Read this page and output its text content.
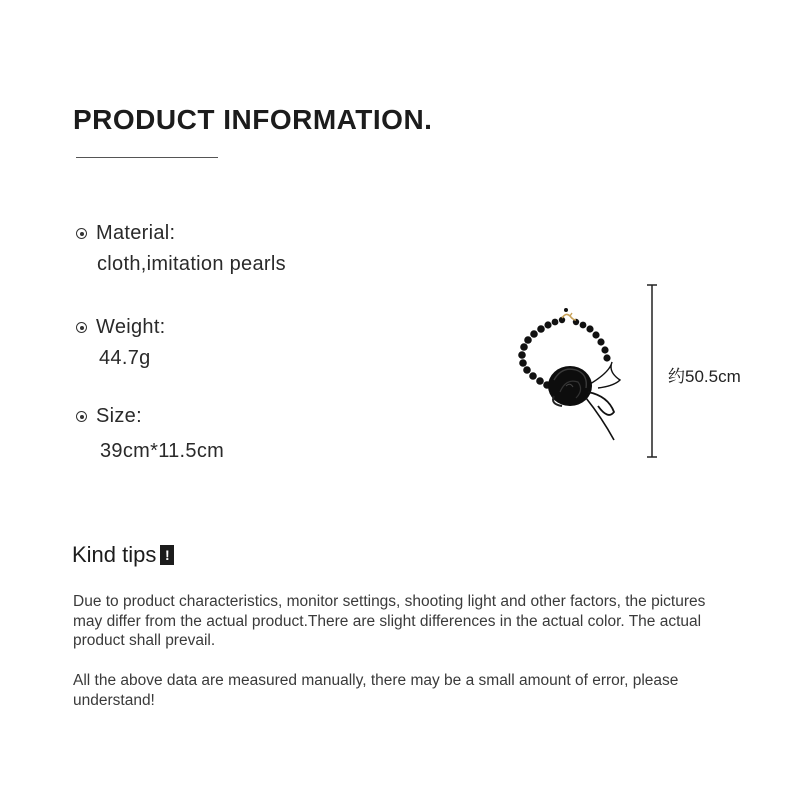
PRODUCT INFORMATION.
Material:
cloth,imitation pearls
Weight:
44.7g
Size:
39cm*11.5cm
约50.5cm
Kind tips !

Due to product characteristics, monitor settings, shooting light and other factors, the pictures may differ from the actual product.There are slight differences in the actual color. The actual product shall prevail.

All the above data are measured manually, there may be a small amount of error, please understand!
